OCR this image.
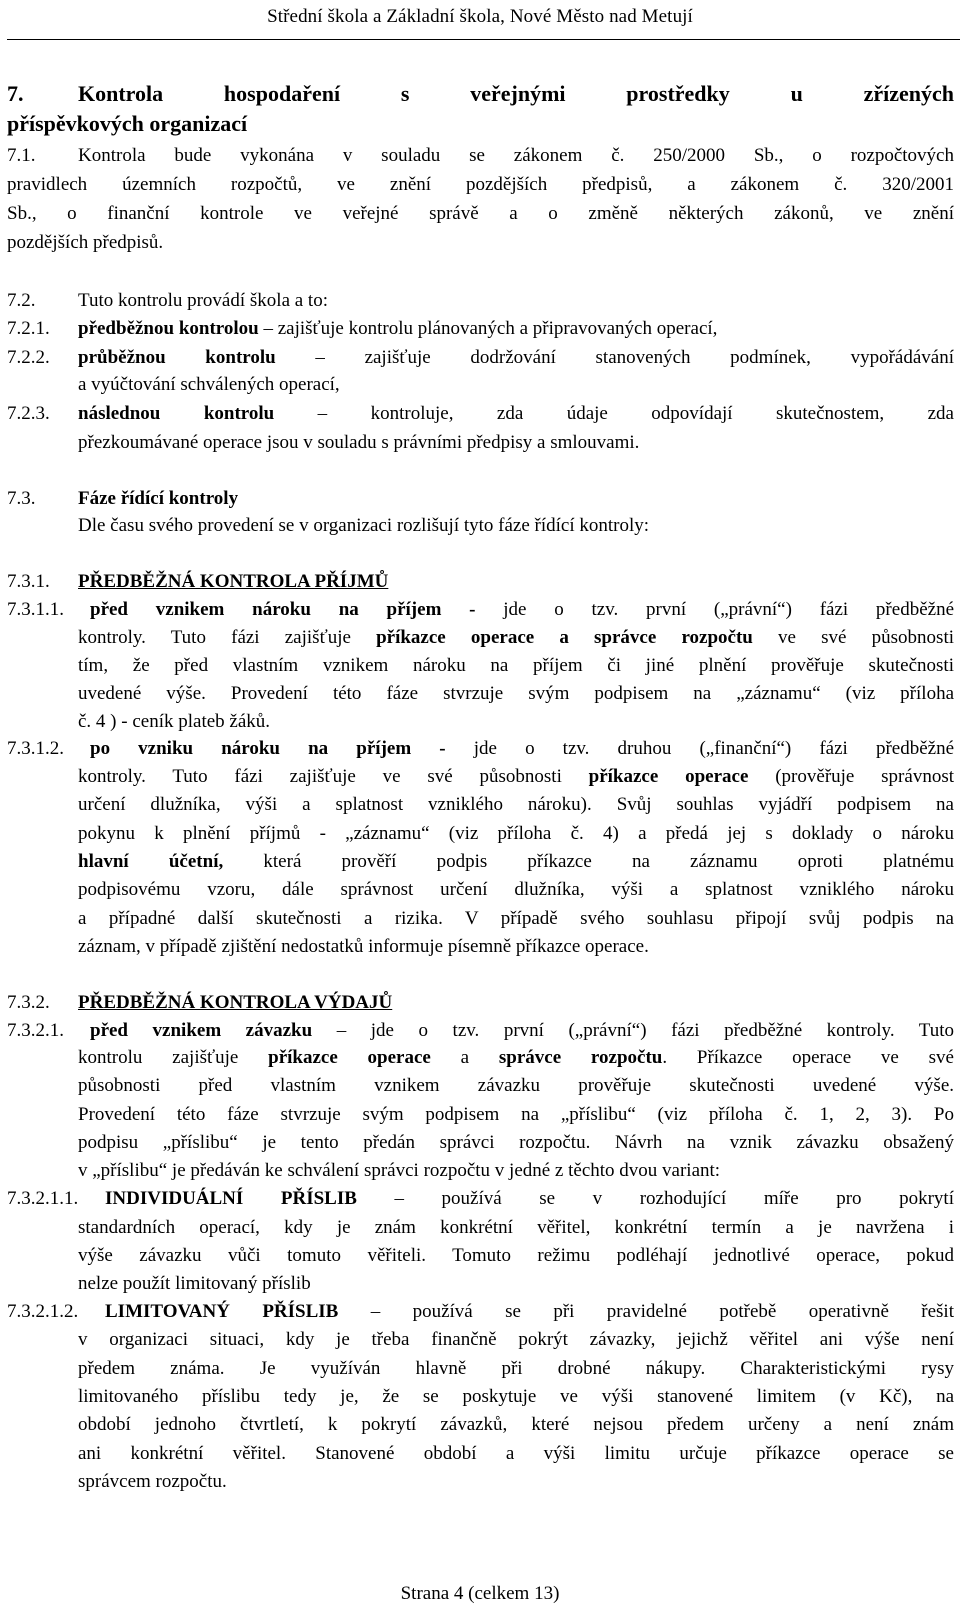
Střední škola a Základní škola, Nové Město nad Metují
7. Kontrola hospodaření s veřejnými prostředky u zřízených
příspěvkových organizací
7.1. Kontrola bude vykonána v souladu se zákonem č. 250/2000 Sb., o rozpočtových
pravidlech územních rozpočtů, ve znění pozdějších předpisů, a zákonem č. 320/2001
Sb., o finanční kontrole ve veřejné správě a o změně některých zákonů, ve znění
pozdějších předpisů.
7.2. Tuto kontrolu provádí škola a to:
7.2.1. předběžnou kontrolou – zajišťuje kontrolu plánovaných a připravovaných operací,
7.2.2. průběžnou kontrolu – zajišťuje dodržování stanovených podmínek, vypořádávání
a vyúčtování schválených operací,
7.2.3. následnou kontrolu – kontroluje, zda údaje odpovídají skutečnostem, zda
přezkoumávané operace jsou v souladu s právními předpisy a smlouvami.
7.3. Fáze řídící kontroly
Dle času svého provedení se v organizaci rozlišují tyto fáze řídící kontroly:
7.3.1. PŘEDBĚŽNÁ KONTROLA PŘÍJMŮ
7.3.1.1. před vznikem nároku na příjem - jde o tzv. první („právní“) fázi předběžné
kontroly. Tuto fázi zajišťuje příkazce operace a správce rozpočtu ve své působnosti
tím, že před vlastním vznikem nároku na příjem či jiné plnění prověřuje skutečnosti
uvedené výše. Provedení této fáze stvrzuje svým podpisem na „záznamu“ (viz příloha
č. 4 ) - ceník plateb žáků.
7.3.1.2. po vzniku nároku na příjem - jde o tzv. druhou („finanční“) fázi předběžné
kontroly. Tuto fázi zajišťuje ve své působnosti příkazce operace (prověřuje správnost
určení dlužníka, výši a splatnost vzniklého nároku). Svůj souhlas vyjádří podpisem na
pokynu k plnění příjmů - „záznamu“ (viz příloha č. 4) a předá jej s doklady o nároku
hlavní účetní, která prověří podpis příkazce na záznamu oproti platnému
podpisovému vzoru, dále správnost určení dlužníka, výši a splatnost vzniklého nároku
a případné další skutečnosti a rizika. V případě svého souhlasu připojí svůj podpis na
záznam, v případě zjištění nedostatků informuje písemně příkazce operace.
7.3.2. PŘEDBĚŽNÁ KONTROLA VÝDAJŮ
7.3.2.1. před vznikem závazku – jde o tzv. první („právní“) fázi předběžné kontroly. Tuto
kontrolu zajišťuje příkazce operace a správce rozpočtu. Příkazce operace ve své
působnosti před vlastním vznikem závazku prověřuje skutečnosti uvedené výše.
Provedení této fáze stvrzuje svým podpisem na „příslibu“ (viz příloha č. 1, 2, 3). Po
podpisu „příslibu“ je tento předán správci rozpočtu. Návrh na vznik závazku obsažený
v „příslibu“ je předáván ke schválení správci rozpočtu v jedné z těchto dvou variant:
7.3.2.1.1. INDIVIDUÁLNÍ PŘÍSLIB – používá se v rozhodující míře pro pokrytí
standardních operací, kdy je znám konkrétní věřitel, konkrétní termín a je navržena i
výše závazku vůči tomuto věřiteli. Tomuto režimu podléhají jednotlivé operace, pokud
nelze použít limitovaný příslib
7.3.2.1.2. LIMITOVANÝ PŘÍSLIB – používá se při pravidelné potřebě operativně řešit
v organizaci situaci, kdy je třeba finančně pokrýt závazky, jejichž věřitel ani výše není
předem známa. Je využíván hlavně při drobné nákupy. Charakteristickými rysy
limitovaného příslibu tedy je, že se poskytuje ve výši stanovené limitem (v Kč), na
období jednoho čtvrtletí, k pokrytí závazků, které nejsou předem určeny a není znám
ani konkrétní věřitel. Stanovené období a výši limitu určuje příkazce operace se
správcem rozpočtu.
Strana 4 (celkem 13)
